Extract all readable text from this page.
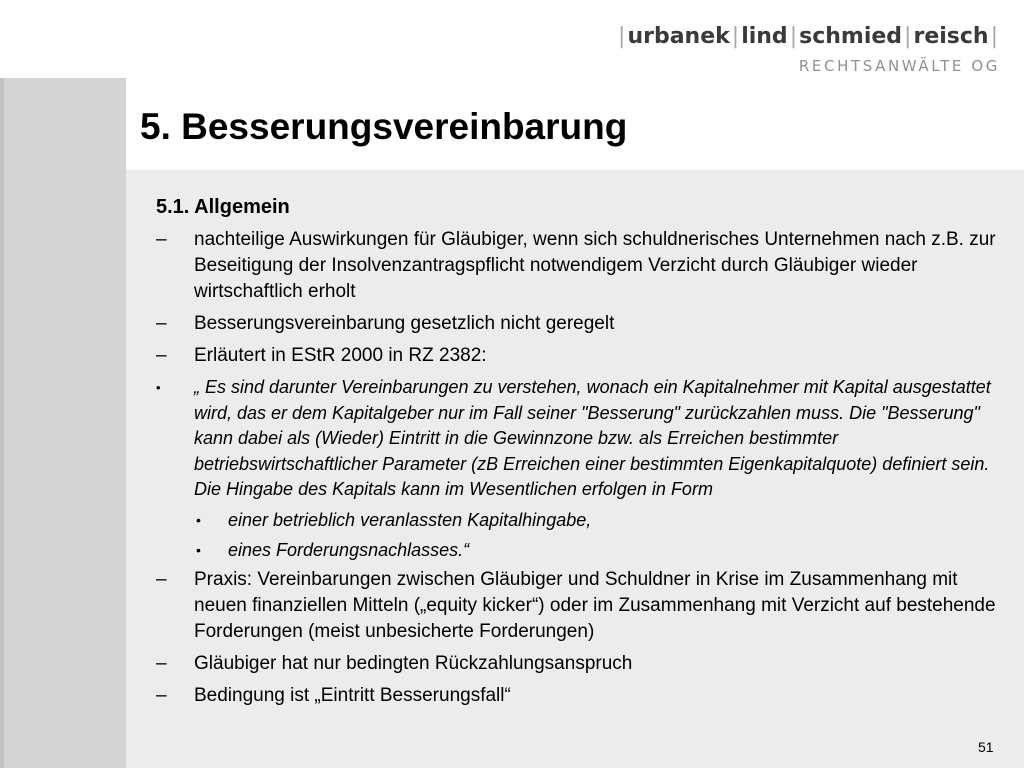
|urbanek|lind|schmied|reisch|
RECHTSANWÄLTE OG
5. Besserungsvereinbarung
5.1. Allgemein
–	nachteilige Auswirkungen für Gläubiger, wenn sich schuldnerisches Unternehmen nach z.B. zur Beseitigung der Insolvenzantragspflicht notwendigem Verzicht durch Gläubiger wieder wirtschaftlich erholt
–	Besserungsvereinbarung gesetzlich nicht geregelt
–	Erläutert in EStR 2000 in RZ 2382:
•	„ Es sind darunter Vereinbarungen zu verstehen, wonach ein Kapitalnehmer mit Kapital ausgestattet wird, das er dem Kapitalgeber nur im Fall seiner "Besserung" zurückzahlen muss. Die "Besserung" kann dabei als (Wieder) Eintritt in die Gewinnzone bzw. als Erreichen bestimmter betriebswirtschaftlicher Parameter (zB Erreichen einer bestimmten Eigenkapitalquote) definiert sein. Die Hingabe des Kapitals kann im Wesentlichen erfolgen in Form
•	einer betrieblich veranlassten Kapitalhingabe,
•	eines Forderungsnachlasses.“
–	Praxis: Vereinbarungen zwischen Gläubiger und Schuldner in Krise im Zusammenhang mit neuen finanziellen Mitteln („equity kicker“) oder im Zusammenhang mit Verzicht auf bestehende Forderungen (meist unbesicherte Forderungen)
–	Gläubiger hat nur bedingten Rückzahlungsanspruch
–	Bedingung ist „Eintritt Besserungsfall“
51
